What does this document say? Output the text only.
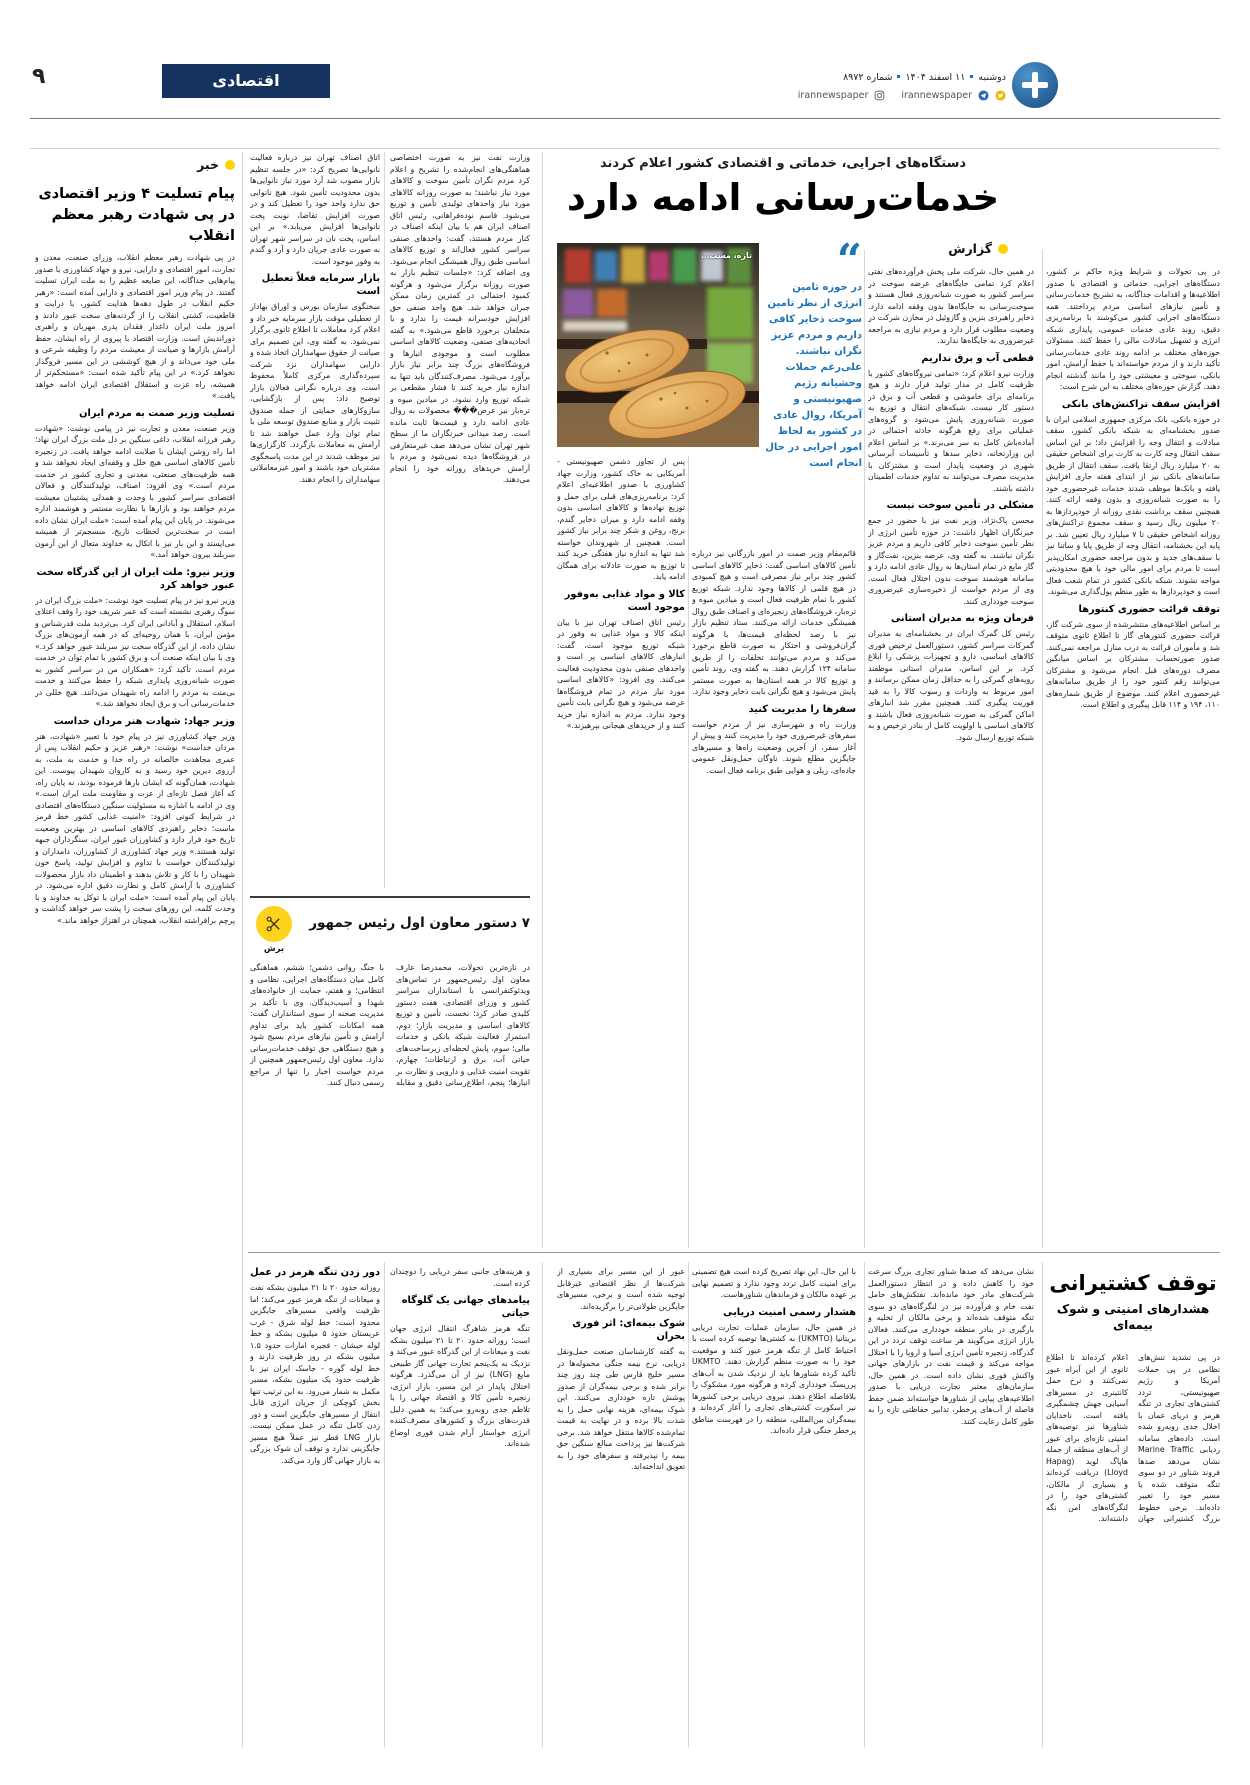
۹	اقتصادی	دوشنبه۱۱ اسفند ۱۴۰۴شماره ۸۹۷۲
irannewspaper
irannewspaper
دستگاه‌های اجرایی، خدماتی و اقتصادی کشور اعلام کردند
خدمات‌رسانی ادامه دارد
گزارش
تازه، مست…	“

در حوزه تامین انرژی از نظر تامین سوخت ذخایر کافی داریم و مردم عزیز نگران نباشند. علی‌رغم حملات وحشیانه رژیم صهیونیستی و آمریکا، روال عادی در کشور به لحاظ امور اجرایی در حال انجام است

در پی تحولات و شرایط ویژه حاکم بر کشور، دستگاه‌های اجرایی، خدماتی و اقتصادی با صدور اطلاعیه‌ها و اقدامات جداگانه، به تشریح خدمات‌رسانی و تأمین نیازهای اساسی مردم پرداختند. همه دستگاه‌های اجرایی کشور می‌کوشند با برنامه‌ریزی دقیق، روند عادی خدمات عمومی، پایداری شبکه انرژی و تسهیل مبادلات مالی را حفظ کنند. مسئولان حوزه‌های مختلف بر ادامه روند عادی خدمات‌رسانی تأکید دارند و از مردم خواسته‌اند با حفظ آرامش، امور بانکی، سوختی و معیشتی خود را مانند گذشته انجام دهند. گزارش حوزه‌های مختلف به این شرح است:

افزایش سقف تراکنش‌های بانکی

در حوزه بانکی، بانک مرکزی جمهوری اسلامی ایران با صدور بخشنامه‌ای به شبکه بانکی کشور، سقف مبادلات و انتقال وجه را افزایش داد؛ بر این اساس سقف انتقال وجه کارت به کارت برای اشخاص حقیقی به ۲۰ میلیارد ریال ارتقا یافت. سقف انتقال از طریق سامانه‌های بانکی نیز از ابتدای هفته جاری افزایش یافته و بانک‌ها موظف شدند خدمات غیرحضوری خود را به صورت شبانه‌روزی و بدون وقفه ارائه کنند. همچنین سقف برداشت نقدی روزانه از خودپردازها به ۲۰ میلیون ریال رسید و سقف مجموع تراکنش‌های روزانه اشخاص حقیقی تا ۷ میلیارد ریال تعیین شد. بر پایه این بخشنامه، انتقال وجه از طریق پایا و ساتنا نیز با سقف‌های جدید و بدون مراجعه حضوری امکان‌پذیر است تا مردم برای امور مالی خود با هیچ محدودیتی مواجه نشوند. شبکه بانکی کشور در تمام شعب فعال است و خودپردازها به طور منظم پول‌گذاری می‌شوند.

توقف قرائت حضوری کنتورها

بر اساس اطلاعیه‌های منتشرشده از سوی شرکت گاز، قرائت حضوری کنتورهای گاز تا اطلاع ثانوی متوقف شد و مأموران قرائت به درب منازل مراجعه نمی‌کنند. صدور صورتحساب مشترکان بر اساس میانگین مصرف دوره‌های قبل انجام می‌شود و مشترکان می‌توانند رقم کنتور خود را از طریق سامانه‌های غیرحضوری اعلام کنند. موضوع از طریق شماره‌های ۱۱۰، ۱۹۴ و ۱۱۴ قابل پیگیری و اطلاع است.

در همین حال، شرکت ملی پخش فرآورده‌های نفتی اعلام کرد تمامی جایگاه‌های عرضه سوخت در سراسر کشور به صورت شبانه‌روزی فعال هستند و سوخت‌رسانی به جایگاه‌ها بدون وقفه ادامه دارد. ذخایر راهبردی بنزین و گازوئیل در مخازن شرکت در وضعیت مطلوب قرار دارد و مردم نیازی به مراجعه غیرضروری به جایگاه‌ها ندارند.

قطعی آب و برق نداریم

وزارت نیرو اعلام کرد: «تمامی نیروگاه‌های کشور با ظرفیت کامل در مدار تولید قرار دارند و هیچ برنامه‌ای برای خاموشی و قطعی آب و برق در دستور کار نیست. شبکه‌های انتقال و توزیع به صورت شبانه‌روزی پایش می‌شود و گروه‌های عملیاتی برای رفع هرگونه حادثه احتمالی در آماده‌باش کامل به سر می‌برند.» بر اساس اعلام این وزارتخانه، ذخایر سدها و تأسیسات آبرسانی شهری در وضعیت پایدار است و مشترکان با مدیریت مصرف می‌توانند به تداوم خدمات اطمینان داشته باشند.

مشکلی در تأمین سوخت نیست

محسن پاک‌نژاد، وزیر نفت نیز با حضور در جمع خبرنگاران اظهار داشت: در حوزه تأمین انرژی از نظر تأمین سوخت ذخایر کافی داریم و مردم عزیز نگران نباشند. به گفته وی، عرضه بنزین، نفت‌گاز و گاز مایع در تمام استان‌ها به روال عادی ادامه دارد و سامانه هوشمند سوخت بدون اختلال فعال است. وی از مردم خواست از ذخیره‌سازی غیرضروری سوخت خودداری کنند.

فرمان ویژه به مدیران استانی

رئیس کل گمرک ایران در بخشنامه‌ای به مدیران گمرکات سراسر کشور، دستورالعمل ترخیص فوری کالاهای اساسی، دارو و تجهیزات پزشکی را ابلاغ کرد. بر این اساس، مدیران استانی موظفند رویه‌های گمرکی را به حداقل زمان ممکن برسانند و امور مربوط به واردات و رسوب کالا را به قید فوریت پیگیری کنند. همچنین مقرر شد انبارهای اماکن گمرکی به صورت شبانه‌روزی فعال باشند و کالاهای اساسی با اولویت کامل از بنادر ترخیص و به شبکه توزیع ارسال شود.

قائم‌مقام وزیر صمت در امور بازرگانی نیز درباره تأمین کالاهای اساسی گفت: ذخایر کالاهای اساسی کشور چند برابر نیاز مصرفی است و هیچ کمبودی در هیچ قلمی از کالاها وجود ندارد. شبکه توزیع کشور با تمام ظرفیت فعال است و میادین میوه و تره‌بار، فروشگاه‌های زنجیره‌ای و اصناف طبق روال همیشگی خدمات ارائه می‌کنند. ستاد تنظیم بازار نیز با رصد لحظه‌ای قیمت‌ها، با هرگونه گران‌فروشی و احتکار به صورت قاطع برخورد می‌کند و مردم می‌توانند تخلفات را از طریق سامانه ۱۲۴ گزارش دهند. به گفته وی، روند تأمین و توزیع کالا در همه استان‌ها به صورت مستمر پایش می‌شود و هیچ نگرانی بابت ذخایر وجود ندارد.

سفرها را مدیریت کنید

وزارت راه و شهرسازی نیز از مردم خواست سفرهای غیرضروری خود را مدیریت کنند و پیش از آغاز سفر، از آخرین وضعیت راه‌ها و مسیرهای جایگزین مطلع شوند. ناوگان حمل‌ونقل عمومی جاده‌ای، ریلی و هوایی طبق برنامه فعال است.

پس از تجاوز دشمن صهیونیستی - آمریکایی به خاک کشور، وزارت جهاد کشاورزی با صدور اطلاعیه‌ای اعلام کرد: برنامه‌ریزی‌های قبلی برای حمل و توزیع نهاده‌ها و کالاهای اساسی بدون وقفه ادامه دارد و میزان ذخایر گندم، برنج، روغن و شکر چند برابر نیاز کشور است. همچنین از شهروندان خواسته شد تنها به اندازه نیاز هفتگی خرید کنند تا توزیع به صورت عادلانه برای همگان ادامه یابد.

کالا و مواد غذایی به‌وفور موجود است

رئیس اتاق اصناف تهران نیز با بیان اینکه کالا و مواد غذایی به وفور در شبکه توزیع موجود است، گفت: انبارهای کالاهای اساسی پر است و واحدهای صنفی بدون محدودیت فعالیت می‌کنند. وی افزود: «کالاهای اساسی مورد نیاز مردم در تمام فروشگاه‌ها عرضه می‌شود و هیچ نگرانی بابت تأمین وجود ندارد. مردم به اندازه نیاز خرید کنند و از خریدهای هیجانی بپرهیزند.»

وزارت نفت نیز به صورت اختصاصی هماهنگی‌های انجام‌شده را تشریح و اعلام کرد مردم نگران تأمین سوخت و کالاهای مورد نیاز نباشند؛ به صورت روزانه کالاهای مورد نیاز واحدهای تولیدی تأمین و توزیع می‌شود. قاسم نوده‌فراهانی، رئیس اتاق اصناف ایران هم با بیان اینکه اصناف در کنار مردم هستند، گفت: واحدهای صنفی سراسر کشور فعال‌اند و توزیع کالاهای اساسی طبق روال همیشگی انجام می‌شود. وی اضافه کرد: «جلسات تنظیم بازار به صورت روزانه برگزار می‌شود و هرگونه کمبود احتمالی در کمترین زمان ممکن جبران خواهد شد. هیچ واحد صنفی حق افزایش خودسرانه قیمت را ندارد و با متخلفان برخورد قاطع می‌شود.» به گفته اتحادیه‌های صنفی، وضعیت کالاهای اساسی مطلوب است و موجودی انبارها و فروشگاه‌های بزرگ چند برابر نیاز بازار برآورد می‌شود. مصرف‌کنندگان باید تنها به اندازه نیاز خرید کنند تا فشار مقطعی بر شبکه توزیع وارد نشود. در میادین میوه و تره‌بار نیز عرض��� محصولات به روال عادی ادامه دارد و قیمت‌ها ثابت مانده است. رصد میدانی خبرنگاران ما از سطح شهر تهران نشان می‌دهد صف غیرمتعارفی در فروشگاه‌ها دیده نمی‌شود و مردم با آرامش خریدهای روزانه خود را انجام می‌دهند.

اتاق اصناف تهران نیز درباره فعالیت نانوایی‌ها تصریح کرد: «در جلسه تنظیم بازار مصوب شد آرد مورد نیاز نانوایی‌ها بدون محدودیت تأمین شود. هیچ نانوایی حق ندارد واحد خود را تعطیل کند و در صورت افزایش تقاضا، نوبت پخت نانوایی‌ها افزایش می‌یابد.» بر این اساس، پخت نان در سراسر شهر تهران به صورت عادی جریان دارد و آرد و گندم به وفور موجود است.

بازار سرمایه فعلاً تعطیل است

سخنگوی سازمان بورس و اوراق بهادار از تعطیلی موقت بازار سرمایه خبر داد و اعلام کرد معاملات تا اطلاع ثانوی برگزار نمی‌شود. به گفته وی، این تصمیم برای صیانت از حقوق سهامداران اتخاذ شده و دارایی سهامداران نزد شرکت سپرده‌گذاری مرکزی کاملاً محفوظ است. وی درباره نگرانی فعالان بازار توضیح داد: پس از بازگشایی، سازوکارهای حمایتی از جمله صندوق تثبیت بازار و منابع صندوق توسعه ملی با تمام توان وارد عمل خواهند شد تا آرامش به معاملات بازگردد. کارگزاری‌ها نیز موظف شدند در این مدت پاسخگوی مشتریان خود باشند و امور غیرمعاملاتی سهامداران را انجام دهند.

۷ دستور معاون اول رئیس جمهور
برش

در تازه‌ترین تحولات، محمدرضا عارف معاون اول رئیس‌جمهور در تماس‌های ویدئوکنفرانسی با استانداران سراسر کشور و وزرای اقتصادی، هفت دستور کلیدی صادر کرد؛ نخست، تأمین و توزیع کالاهای اساسی و مدیریت بازار؛ دوم، استمرار فعالیت شبکه بانکی و خدمات مالی؛ سوم، پایش لحظه‌ای زیرساخت‌های حیاتی آب، برق و ارتباطات؛ چهارم، تقویت امنیت غذایی و دارویی و نظارت بر انبارها؛ پنجم، اطلاع‌رسانی دقیق و مقابله با جنگ روانی دشمن؛ ششم، هماهنگی کامل میان دستگاه‌های اجرایی، نظامی و انتظامی؛ و هفتم، حمایت از خانواده‌های شهدا و آسیب‌دیدگان. وی با تأکید بر مدیریت صحنه از سوی استانداران گفت: همه امکانات کشور باید برای تداوم آرامش و تأمین نیازهای مردم بسیج شود و هیچ دستگاهی حق توقف خدمات‌رسانی ندارد. معاون اول رئیس‌جمهور همچنین از مردم خواست اخبار را تنها از مراجع رسمی دنبال کنند.

توقف کشتیرانی
هشدارهای امنیتی و شوک بیمه‌ای

در پی تشدید تنش‌های نظامی در پی حملات آمریکا و رژیم صهیونیستی، تردد کشتی‌های تجاری در تنگه هرمز و دریای عمان با اخلال جدی روبه‌رو شده است. داده‌های سامانه ردیابی Marine Traffic نشان می‌دهد صدها فروند شناور در دو سوی تنگه متوقف شده یا مسیر خود را تغییر داده‌اند. برخی خطوط بزرگ کشتیرانی جهان اعلام کرده‌اند تا اطلاع ثانوی از این آبراه عبور نمی‌کنند و نرخ حمل کانتینری در مسیرهای آسیایی جهش چشمگیری یافته است. ناخدایان شناورها نیز توصیه‌های امنیتی تازه‌ای برای عبور از آب‌های منطقه از جمله هاپاگ لوید (Hapag Lloyd) دریافت کرده‌اند و بسیاری از مالکان، کشتی‌های خود را در لنگرگاه‌های امن نگه داشته‌اند.

نشان می‌دهد که صدها شناور تجاری بزرگ سرعت خود را کاهش داده و در انتظار دستورالعمل شرکت‌های مادر خود مانده‌اند. نفتکش‌های حامل نفت خام و فرآورده نیز در لنگرگاه‌های دو سوی تنگه متوقف شده‌اند و برخی مالکان از تخلیه و بارگیری در بنادر منطقه خودداری می‌کنند. فعالان بازار انرژی می‌گویند هر ساعت توقف تردد در این گذرگاه، زنجیره تأمین انرژی آسیا و اروپا را با اختلال مواجه می‌کند و قیمت نفت در بازارهای جهانی واکنش فوری نشان داده است. در همین حال، سازمان‌های معتبر تجارت دریایی با صدور اطلاعیه‌های پیاپی از شناورها خواسته‌اند ضمن حفظ فاصله از آب‌های پرخطر، تدابیر حفاظتی تازه را به طور کامل رعایت کنند.

با این حال، این نهاد تصریح کرده است هیچ تضمینی برای امنیت کامل تردد وجود ندارد و تصمیم نهایی بر عهده مالکان و فرماندهان شناورهاست.

هشدار رسمی امنیت دریایی

در همین حال، سازمان عملیات تجارت دریایی بریتانیا (UKMTO) به کشتی‌ها توصیه کرده است با احتیاط کامل از تنگه هرمز عبور کنند و موقعیت خود را به صورت منظم گزارش دهند. UKMTO تأکید کرده شناورها باید از نزدیک شدن به آب‌های پرریسک خودداری کرده و هرگونه مورد مشکوک را بلافاصله اطلاع دهند. نیروی دریایی برخی کشورها نیز اسکورت کشتی‌های تجاری را آغاز کرده‌اند و بیمه‌گران بین‌المللی، منطقه را در فهرست مناطق پرخطر جنگی قرار داده‌اند.

عبور از این مسیر برای بسیاری از شرکت‌ها از نظر اقتصادی غیرقابل توجیه شده است و برخی، مسیرهای جایگزین طولانی‌تر را برگزیده‌اند.

شوک بیمه‌ای: اثر فوری بحران

به گفته کارشناسان صنعت حمل‌ونقل دریایی، نرخ بیمه جنگی محموله‌ها در مسیر خلیج فارس طی چند روز چند برابر شده و برخی بیمه‌گران از صدور پوشش تازه خودداری می‌کنند. این شوک بیمه‌ای، هزینه نهایی حمل را به شدت بالا برده و در نهایت به قیمت تمام‌شده کالاها منتقل خواهد شد. برخی شرکت‌ها نیز پرداخت مبالغ سنگین حق بیمه را نپذیرفته و سفرهای خود را به تعویق انداخته‌اند.

و هزینه‌های جانبی سفر دریایی را دوچندان کرده است.

پیامدهای جهانی یک گلوگاه حیاتی

تنگه هرمز شاهرگ انتقال انرژی جهان است؛ روزانه حدود ۲۰ تا ۲۱ میلیون بشکه نفت و میعانات از این گذرگاه عبور می‌کند و نزدیک به یک‌پنجم تجارت جهانی گاز طبیعی مایع (LNG) نیز از آن می‌گذرد. هرگونه اختلال پایدار در این مسیر، بازار انرژی، زنجیره تأمین کالا و اقتصاد جهانی را با تلاطم جدی روبه‌رو می‌کند؛ به همین دلیل قدرت‌های بزرگ و کشورهای مصرف‌کننده انرژی خواستار آرام شدن فوری اوضاع شده‌اند.

دور زدن تنگه هرمز در عمل

روزانه حدود ۲۰ تا ۲۱ میلیون بشکه نفت و میعانات از تنگه هرمز عبور می‌کند؛ اما ظرفیت واقعی مسیرهای جایگزین محدود است: خط لوله شرق - غرب عربستان حدود ۵ میلیون بشکه و خط لوله حبشان - فجیره امارات حدود ۱.۵ میلیون بشکه در روز ظرفیت دارند و خط لوله گوره - جاسک ایران نیز با ظرفیت حدود یک میلیون بشکه، مسیر مکمل به شمار می‌رود. به این ترتیب تنها بخش کوچکی از جریان انرژی قابل انتقال از مسیرهای جایگزین است و دور زدن کامل تنگه در عمل ممکن نیست. بازار LNG قطر نیز عملاً هیچ مسیر جایگزینی ندارد و توقف آن شوک بزرگی به بازار جهانی گاز وارد می‌کند.

خبر
پیام تسلیت ۴ وزیر اقتصادی در پی شهادت رهبر معظم انقلاب

در پی شهادت رهبر معظم انقلاب، وزرای صنعت، معدن و تجارت، امور اقتصادی و دارایی، نیرو و جهاد کشاورزی با صدور پیام‌هایی جداگانه، این ضایعه عظیم را به ملت ایران تسلیت گفتند. در پیام وزیر امور اقتصادی و دارایی آمده است: «رهبر حکیم انقلاب در طول دهه‌ها هدایت کشور، با درایت و قاطعیت، کشتی انقلاب را از گردنه‌های سخت عبور دادند و امروز ملت ایران داغدار فقدان پدری مهربان و راهبری دوراندیش است. وزارت اقتصاد با پیروی از راه ایشان، حفظ آرامش بازارها و صیانت از معیشت مردم را وظیفه شرعی و ملی خود می‌داند و از هیچ کوششی در این مسیر فروگذار نخواهد کرد.» در این پیام تأکید شده است: «مستحکم‌تر از همیشه، راه عزت و استقلال اقتصادی ایران ادامه خواهد یافت.»

تسلیت وزیر صمت به مردم ایران

وزیر صنعت، معدن و تجارت نیز در پیامی نوشت: «شهادت رهبر فرزانه انقلاب، داغی سنگین بر دل ملت بزرگ ایران نهاد؛ اما راه روشن ایشان با صلابت ادامه خواهد یافت. در زنجیره تأمین کالاهای اساسی هیچ خلل و وقفه‌ای ایجاد نخواهد شد و همه ظرفیت‌های صنعتی، معدنی و تجاری کشور در خدمت مردم است.» وی افزود: اصناف، تولیدکنندگان و فعالان اقتصادی سراسر کشور با وحدت و همدلی پشتیبان معیشت مردم خواهند بود و بازارها با نظارت مستمر و هوشمند اداره می‌شوند. در پایان این پیام آمده است: «ملت ایران نشان داده است در سخت‌ترین لحظات تاریخ، منسجم‌تر از همیشه می‌ایستد و این بار نیز با اتکال به خداوند متعال از این آزمون سربلند بیرون خواهد آمد.»

وزیر نیرو: ملت ایران از این گذرگاه سخت عبور خواهد کرد

وزیر نیرو نیز در پیام تسلیت خود نوشت: «ملت بزرگ ایران در سوگ رهبری نشسته است که عمر شریف خود را وقف اعتلای اسلام، استقلال و آبادانی ایران کرد. بی‌تردید ملت قدرشناس و مؤمن ایران، با همان روحیه‌ای که در همه آزمون‌های بزرگ نشان داده، از این گذرگاه سخت نیز سربلند عبور خواهد کرد.» وی با بیان اینکه صنعت آب و برق کشور با تمام توان در خدمت مردم است، تأکید کرد: «همکاران من در سراسر کشور به صورت شبانه‌روزی پایداری شبکه را حفظ می‌کنند و خدمت بی‌منت به مردم را ادامه راه شهیدان می‌دانند. هیچ خللی در خدمات‌رسانی آب و برق ایجاد نخواهد شد.»

وزیر جهاد: شهادت هنر مردان خداست

وزیر جهاد کشاورزی نیز در پیام خود با تعبیر «شهادت، هنر مردان خداست» نوشت: «رهبر عزیز و حکیم انقلاب پس از عمری مجاهدت خالصانه در راه خدا و خدمت به ملت، به آرزوی دیرین خود رسید و به کاروان شهیدان پیوست. این شهادت، همان‌گونه که ایشان بارها فرموده بودند، نه پایان راه، که آغاز فصل تازه‌ای از عزت و مقاومت ملت ایران است.» وی در ادامه با اشاره به مسئولیت سنگین دستگاه‌های اقتصادی در شرایط کنونی افزود: «امنیت غذایی کشور خط قرمز ماست؛ ذخایر راهبردی کالاهای اساسی در بهترین وضعیت تاریخ خود قرار دارد و کشاورزان غیور ایران، سنگرداران جبهه تولید هستند.» وزیر جهاد کشاورزی از کشاورزان، دامداران و تولیدکنندگان خواست با تداوم و افزایش تولید، پاسخ خون شهیدان را با کار و تلاش بدهند و اطمینان داد بازار محصولات کشاورزی با آرامش کامل و نظارت دقیق اداره می‌شود. در پایان این پیام آمده است: «ملت ایران با توکل به خداوند و با وحدت کلمه، این روزهای سخت را پشت سر خواهد گذاشت و پرچم برافراشته انقلاب، همچنان در اهتزاز خواهد ماند.»
